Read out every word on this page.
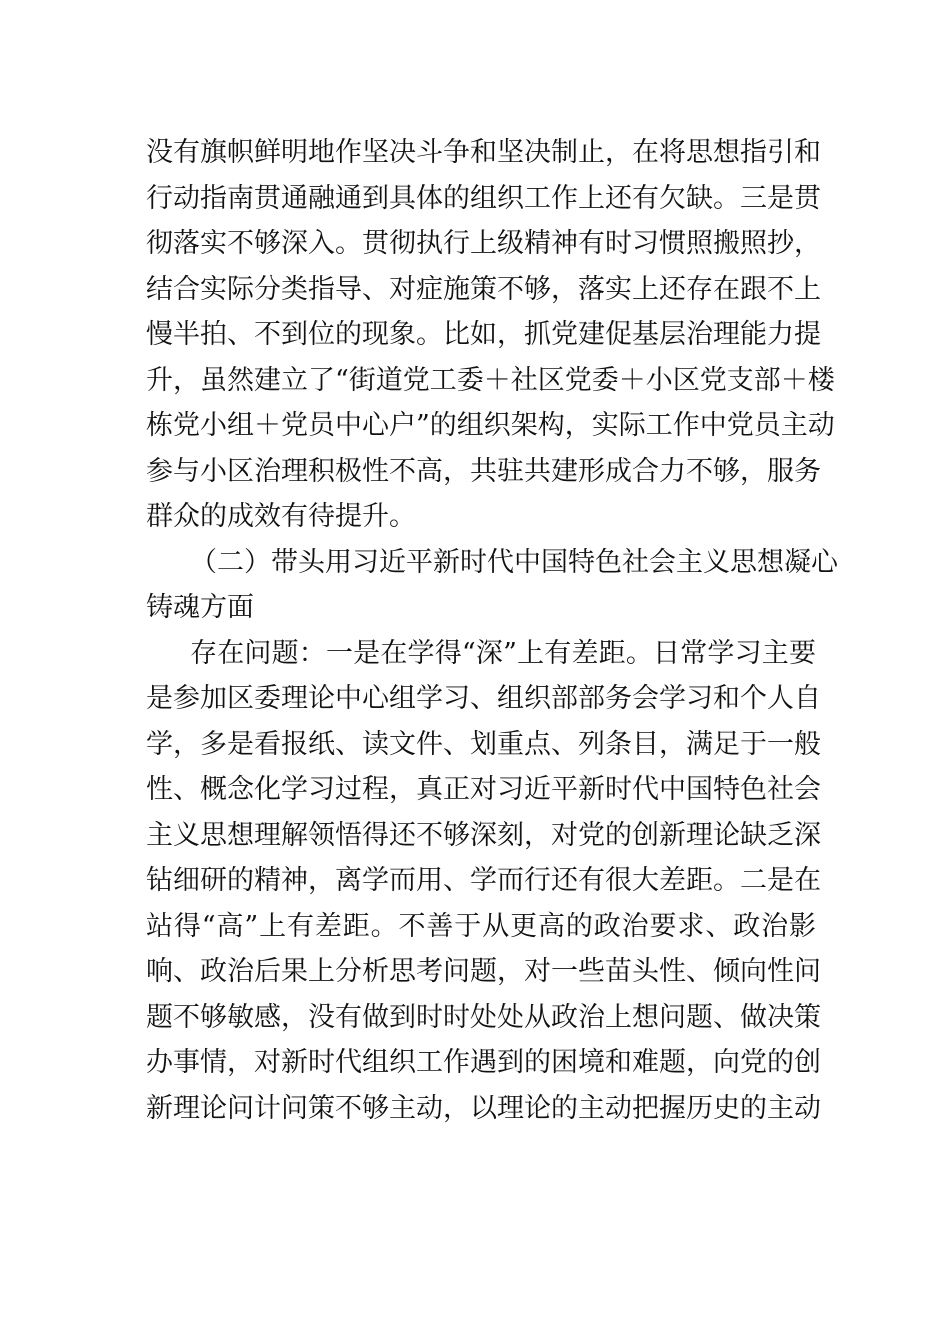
没有旗帜鲜明地作坚决斗争和坚决制止，在将思想指引和
行动指南贯通融通到具体的组织工作上还有欠缺。三是贯
彻落实不够深入。贯彻执行上级精神有时习惯照搬照抄，
结合实际分类指导、对症施策不够，落实上还存在跟不上
慢半拍、不到位的现象。比如，抓党建促基层治理能力提
升，虽然建立了“街道党工委＋社区党委＋小区党支部＋楼
栋党小组＋党员中心户”的组织架构，实际工作中党员主动
参与小区治理积极性不高，共驻共建形成合力不够，服务
群众的成效有待提升。
（二）带头用习近平新时代中国特色社会主义思想凝心
铸魂方面
存在问题：一是在学得“深”上有差距。日常学习主要
是参加区委理论中心组学习、组织部部务会学习和个人自
学，多是看报纸、读文件、划重点、列条目，满足于一般
性、概念化学习过程，真正对习近平新时代中国特色社会
主义思想理解领悟得还不够深刻，对党的创新理论缺乏深
钻细研的精神，离学而用、学而行还有很大差距。二是在
站得“高”上有差距。不善于从更高的政治要求、政治影
响、政治后果上分析思考问题，对一些苗头性、倾向性问
题不够敏感，没有做到时时处处从政治上想问题、做决策
办事情，对新时代组织工作遇到的困境和难题，向党的创
新理论问计问策不够主动，以理论的主动把握历史的主动
